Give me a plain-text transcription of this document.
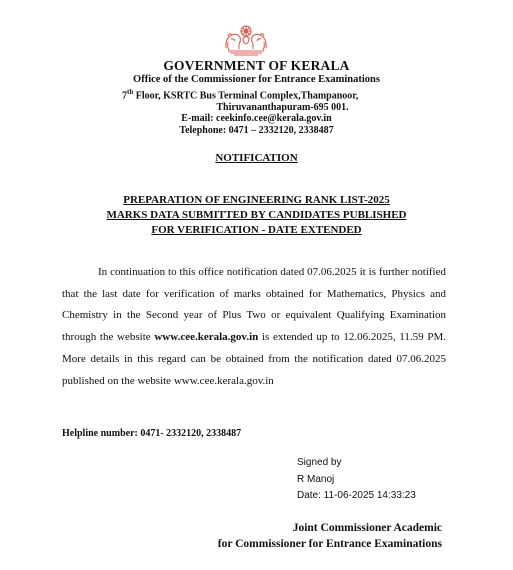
GOVERNMENT OF KERALA
Office of the Commissioner for Entrance Examinations
7th Floor, KSRTC Bus Terminal Complex,Thampanoor,
Thiruvananthapuram-695 001.
E-mail: ceekinfo.cee@kerala.gov.in
Telephone: 0471 – 2332120, 2338487
NOTIFICATION
PREPARATION OF ENGINEERING RANK LIST-2025
MARKS DATA SUBMITTED BY CANDIDATES PUBLISHED
FOR VERIFICATION - DATE EXTENDED
In continuation to this office notification dated 07.06.2025 it is further notified that the last date for verification of marks obtained for Mathematics, Physics and Chemistry in the Second year of Plus Two or equivalent Qualifying Examination through the website www.cee.kerala.gov.in is extended up to 12.06.2025, 11.59 PM. More details in this regard can be obtained from the notification dated 07.06.2025 published on the website www.cee.kerala.gov.in
Helpline number: 0471- 2332120, 2338487
Signed by
R Manoj
Date: 11-06-2025 14:33:23
Joint Commissioner Academic
for Commissioner for Entrance Examinations
